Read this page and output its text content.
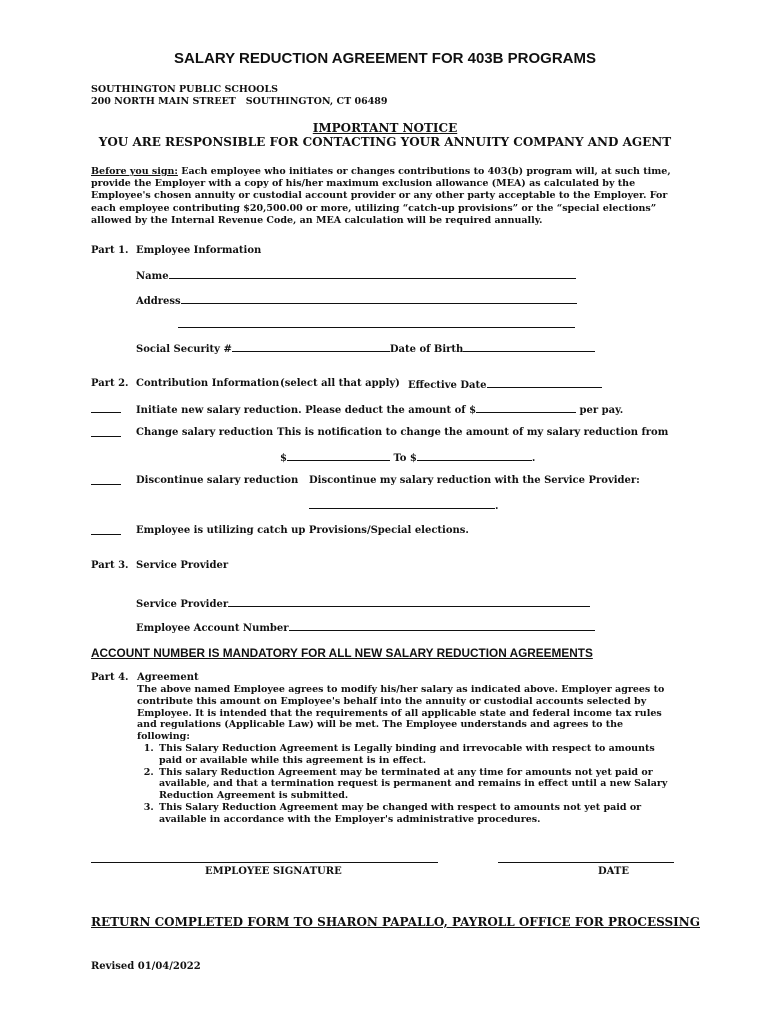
SALARY REDUCTION AGREEMENT FOR 403B PROGRAMS
SOUTHINGTON PUBLIC SCHOOLS
200 NORTH MAIN STREET   SOUTHINGTON, CT 06489
IMPORTANT NOTICE
YOU ARE RESPONSIBLE FOR CONTACTING YOUR ANNUITY COMPANY AND AGENT
Before you sign: Each employee who initiates or changes contributions to 403(b) program will, at such time, provide the Employer with a copy of his/her maximum exclusion allowance (MEA) as calculated by the Employee's chosen annuity or custodial account provider or any other party acceptable to the Employer. For each employee contributing $20,500.00 or more, utilizing “catch-up provisions” or the “special elections” allowed by the Internal Revenue Code, an MEA calculation will be required annually.
Part 1. Employee Information
Name
Address
Social Security #	Date of Birth
Part 2. Contribution Information (select all that apply) Effective Date
Initiate new salary reduction. Please deduct the amount of $	per pay.
Change salary reduction This is notification to change the amount of my salary reduction from
$	To $	.
Discontinue salary reduction Discontinue my salary reduction with the Service Provider:
.
Employee is utilizing catch up Provisions/Special elections.
Part 3. Service Provider
Service Provider
Employee Account Number
ACCOUNT NUMBER IS MANDATORY FOR ALL NEW SALARY REDUCTION AGREEMENTS
Part 4. Agreement
The above named Employee agrees to modify his/her salary as indicated above. Employer agrees to contribute this amount on Employee's behalf into the annuity or custodial accounts selected by Employee. It is intended that the requirements of all applicable state and federal income tax rules and regulations (Applicable Law) will be met. The Employee understands and agrees to the following:
1. This Salary Reduction Agreement is Legally binding and irrevocable with respect to amounts paid or available while this agreement is in effect.
2. This salary Reduction Agreement may be terminated at any time for amounts not yet paid or available, and that a termination request is permanent and remains in effect until a new Salary Reduction Agreement is submitted.
3. This Salary Reduction Agreement may be changed with respect to amounts not yet paid or available in accordance with the Employer's administrative procedures.
EMPLOYEE SIGNATURE	DATE
RETURN COMPLETED FORM TO SHARON PAPALLO, PAYROLL OFFICE FOR PROCESSING
Revised 01/04/2022
